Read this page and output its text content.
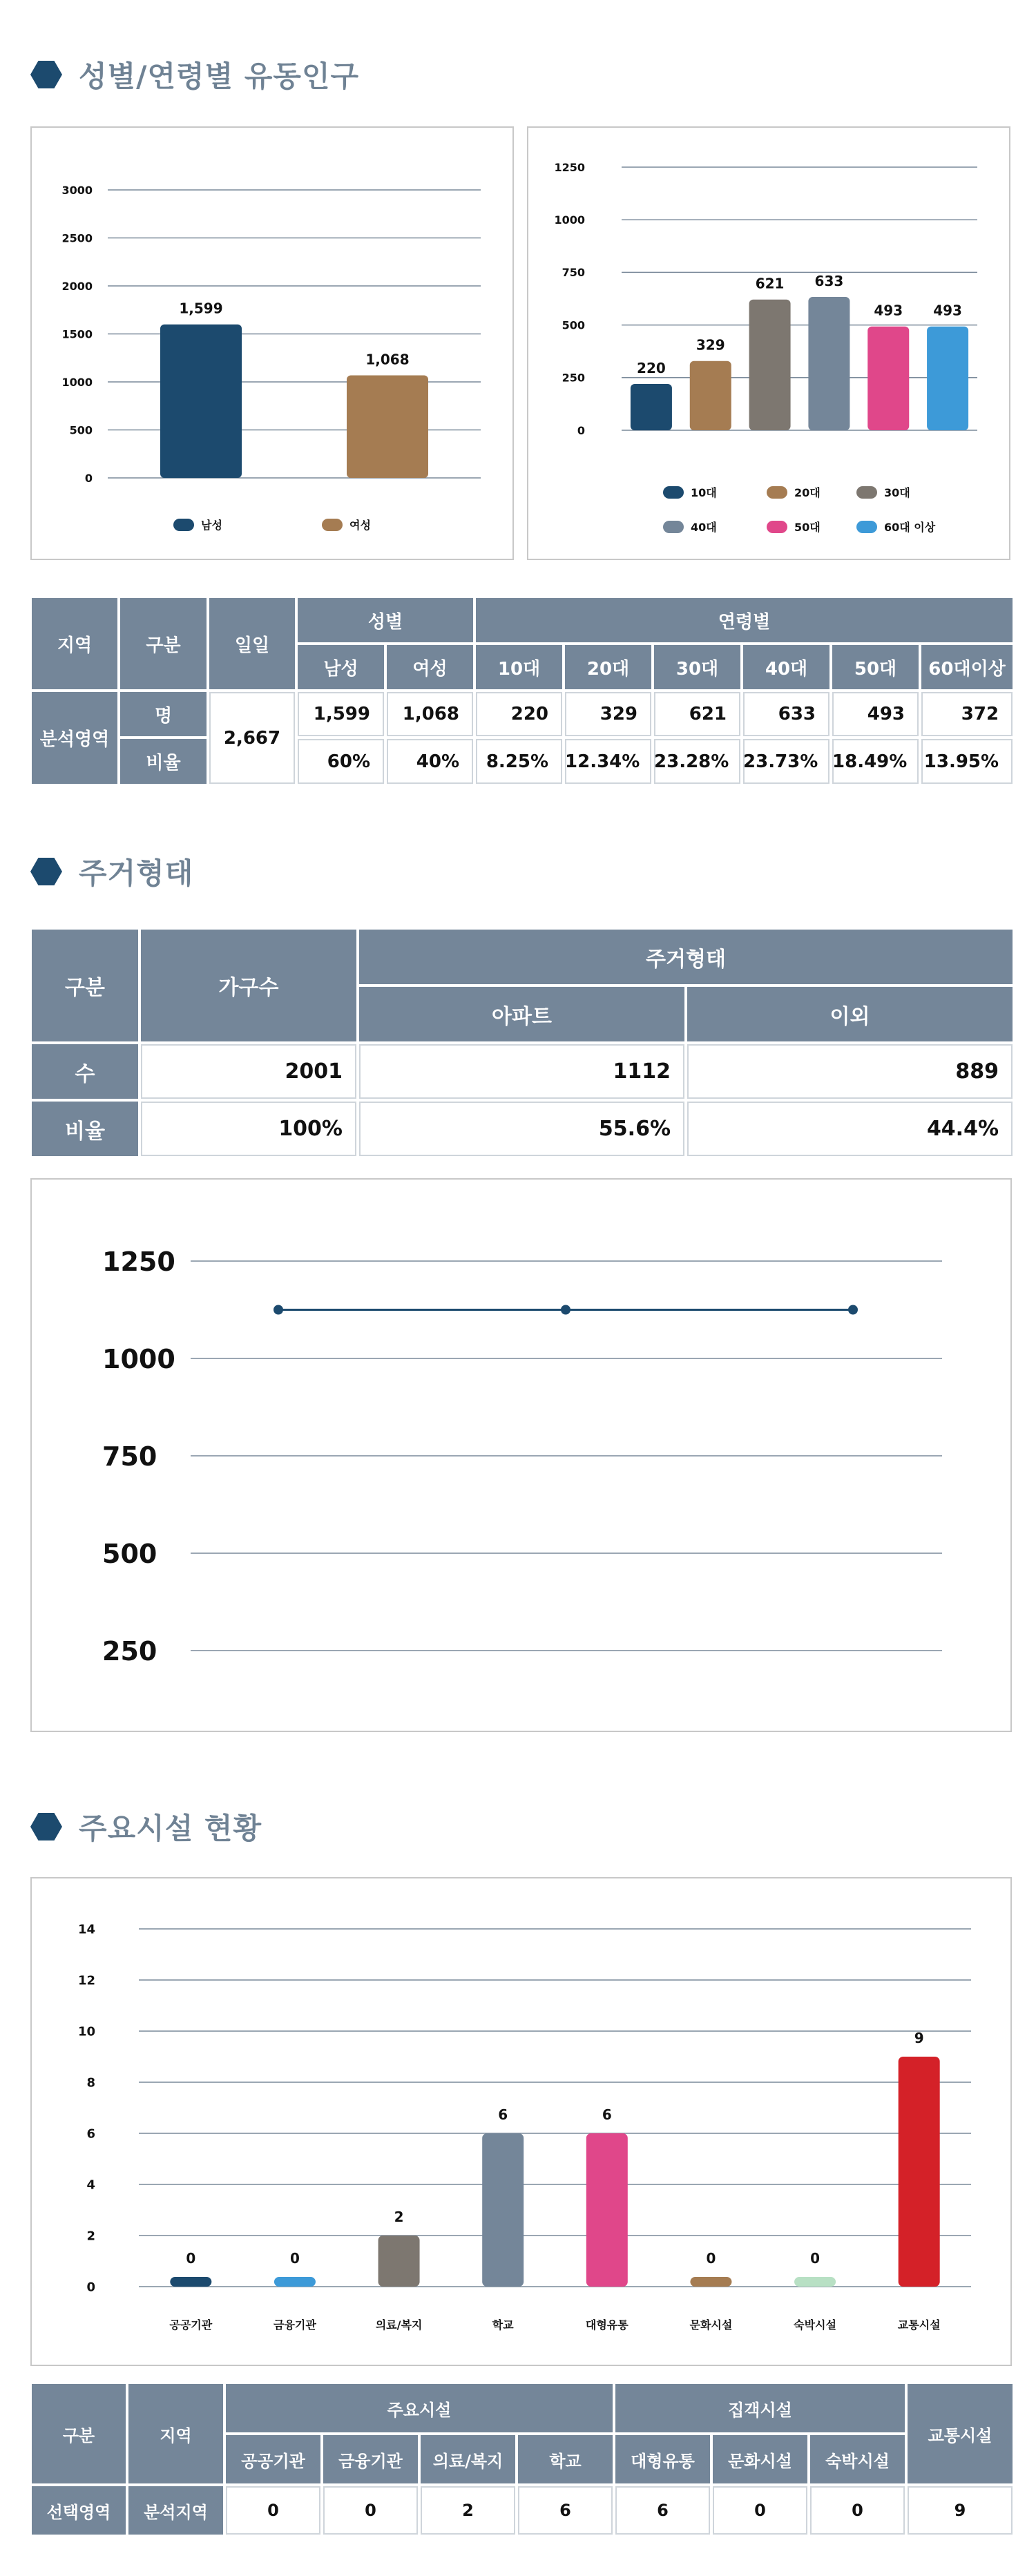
성별/연령별 유동인구
0
500
1000
1500
2000
2500
3000
1,599
1,068
남성	여성
0
250
500
750
1000
1250
220
329
621 633
493 493
10대	20대	30대
40대	50대	60대 이상
지역	구분	일일	성별		연령별					
			남성	여성	10대	20대	30대	40대	50대	60대이상
분석영역	명	2,667	1,599	1,068	220	329	621	633	493	372
	비율		60%	40%	8.25%	12.34%	23.28%	23.73%	18.49%	13.95%
주거형태
구분	가구수	주거형태	
		아파트	이외
수	2001	1112	889
비율	100%	55.6%	44.4%
250
500
750
1000
1250
주요시설 현황
0
2
4
6
8
10
12
14
0
공공기관
0
금융기관
2
의료/복지
6
학교
6
대형유통
0
문화시설
0
숙박시설
9
교통시설
구분	지역	주요시설				집객시설			교통시설
		공공기관	금융기관	의료/복지	학교	대형유통	문화시설	숙박시설	
선택영역	분석지역	0	0	2	6	6	0	0	9
